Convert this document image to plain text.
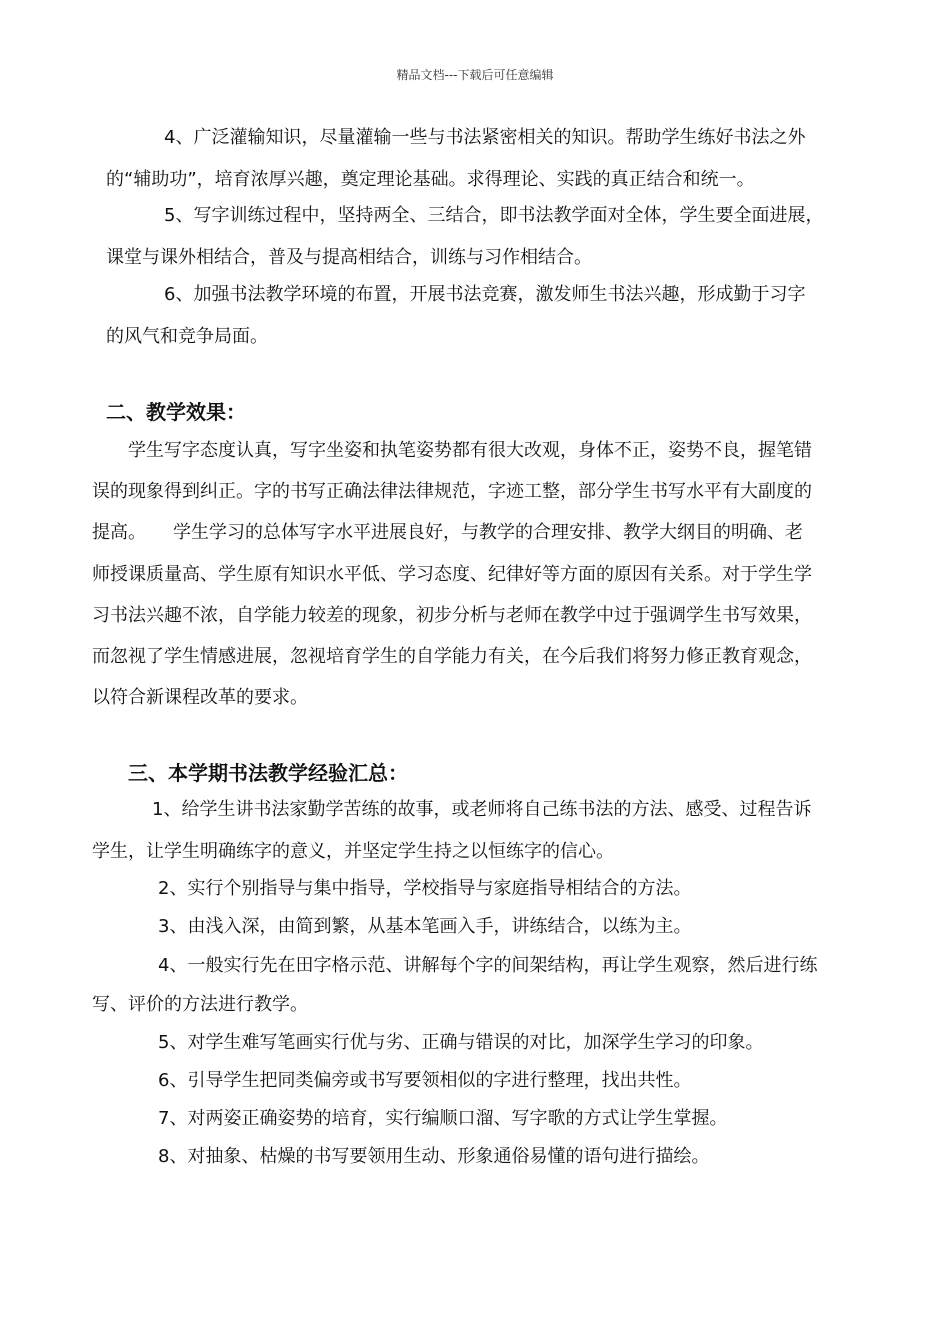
精品文档---下载后可任意编辑
4、广泛灌输知识，尽量灌输一些与书法紧密相关的知识。帮助学生练好书法之外
的“辅助功”，培育浓厚兴趣，奠定理论基础。求得理论、实践的真正结合和统一。
5、写字训练过程中，坚持两全、三结合，即书法教学面对全体，学生要全面进展，
课堂与课外相结合，普及与提高相结合，训练与习作相结合。
6、加强书法教学环境的布置，开展书法竞赛，激发师生书法兴趣，形成勤于习字
的风气和竞争局面。
二、教学效果：
学生写字态度认真，写字坐姿和执笔姿势都有很大改观，身体不正，姿势不良，握笔错
误的现象得到纠正。字的书写正确法律法律规范，字迹工整，部分学生书写水平有大副度的
提高。　　学生学习的总体写字水平进展良好，与教学的合理安排、教学大纲目的明确、老
师授课质量高、学生原有知识水平低、学习态度、纪律好等方面的原因有关系。对于学生学
习书法兴趣不浓，自学能力较差的现象，初步分析与老师在教学中过于强调学生书写效果，
而忽视了学生情感进展，忽视培育学生的自学能力有关，在今后我们将努力修正教育观念，
以符合新课程改革的要求。
三、本学期书法教学经验汇总：
1、给学生讲书法家勤学苦练的故事，或老师将自己练书法的方法、感受、过程告诉
学生，让学生明确练字的意义，并坚定学生持之以恒练字的信心。
2、实行个别指导与集中指导，学校指导与家庭指导相结合的方法。
3、由浅入深，由简到繁，从基本笔画入手，讲练结合，以练为主。
4、一般实行先在田字格示范、讲解每个字的间架结构，再让学生观察，然后进行练
写、评价的方法进行教学。
5、对学生难写笔画实行优与劣、正确与错误的对比，加深学生学习的印象。
6、引导学生把同类偏旁或书写要领相似的字进行整理，找出共性。
7、对两姿正确姿势的培育，实行编顺口溜、写字歌的方式让学生掌握。
8、对抽象、枯燥的书写要领用生动、形象通俗易懂的语句进行描绘。
